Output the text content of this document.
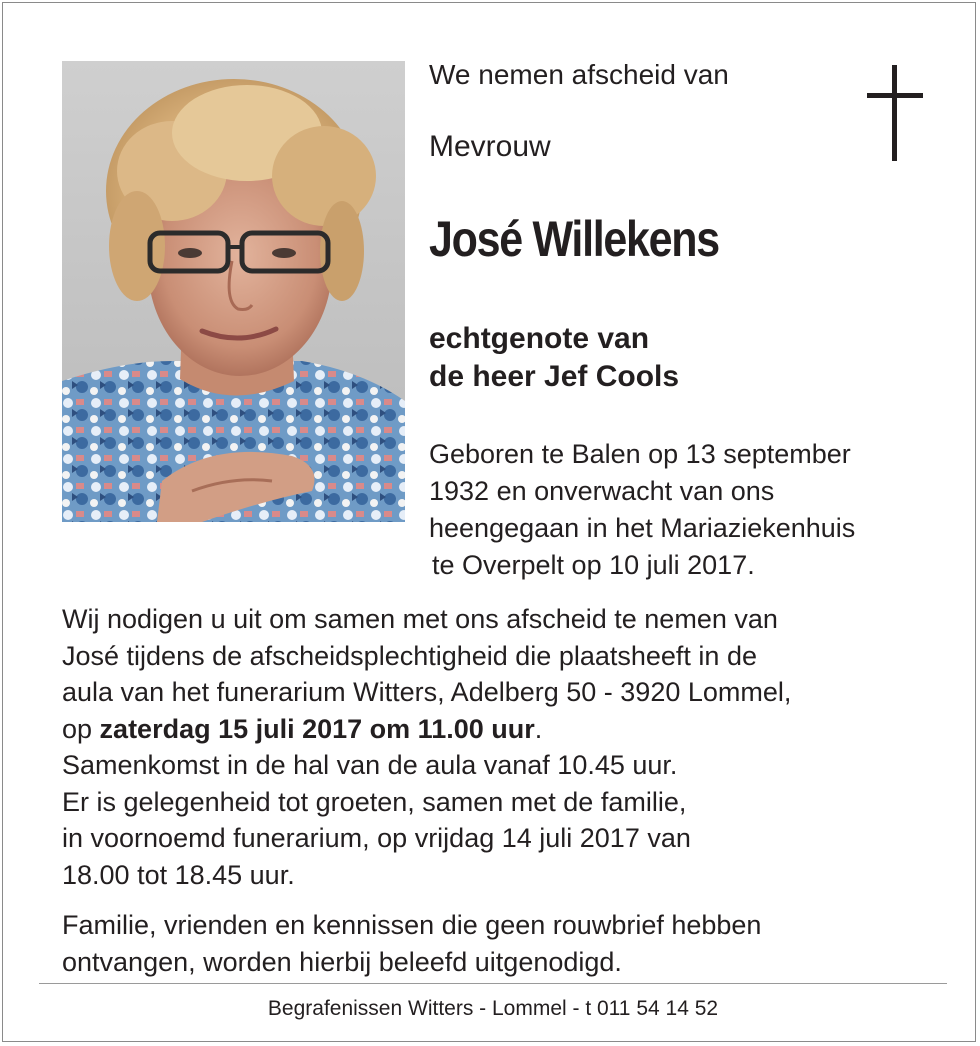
We nemen afscheid van
Mevrouw
José Willekens
echtgenote van
de heer Jef Cools
Geboren te Balen op 13 september
1932 en onverwacht van ons
heengegaan in het Mariaziekenhuis
te Overpelt op 10 juli 2017.
Wij nodigen u uit om samen met ons afscheid te nemen van
José tijdens de afscheidsplechtigheid die plaatsheeft in de
aula van het funerarium Witters, Adelberg 50 - 3920 Lommel,
op zaterdag 15 juli 2017 om 11.00 uur.
Samenkomst in de hal van de aula vanaf 10.45 uur.
Er is gelegenheid tot groeten, samen met de familie,
in voornoemd funerarium, op vrijdag 14 juli 2017 van
18.00 tot 18.45 uur.
Familie, vrienden en kennissen die geen rouwbrief hebben
ontvangen, worden hierbij beleefd uitgenodigd.
Begrafenissen Witters - Lommel - t 011 54 14 52
